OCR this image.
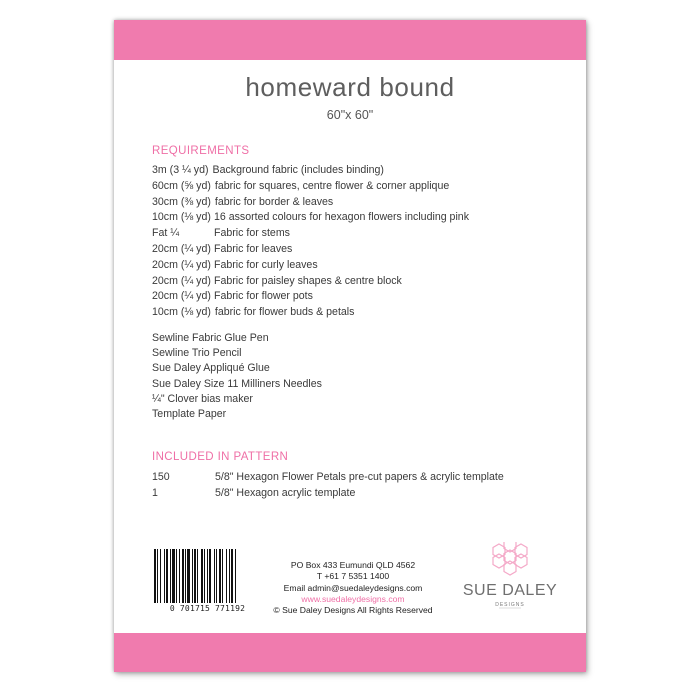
homeward bound
60"x 60"
REQUIREMENTS
3m (3 ¼ yd) Background fabric (includes binding)
60cm (⅝ yd) fabric for squares, centre flower & corner applique
30cm (⅜ yd) fabric for border & leaves
10cm (⅛ yd) 16 assorted colours for hexagon flowers including pink
Fat ¼	Fabric for stems
20cm (¼ yd) Fabric for leaves
20cm (¼ yd) Fabric for curly leaves
20cm (¼ yd) Fabric for paisley shapes & centre block
20cm (¼ yd) Fabric for flower pots
10cm (⅛ yd) fabric for flower buds & petals
Sewline Fabric Glue Pen
Sewline Trio Pencil
Sue Daley Appliqué Glue
Sue Daley Size 11 Milliners Needles
¼" Clover bias maker
Template Paper
INCLUDED IN PATTERN
150	5/8" Hexagon Flower Petals pre-cut papers & acrylic template
1	5/8" Hexagon acrylic template
0 701715 771192
PO Box 433 Eumundi QLD 4562
T +61 7 5351 1400
Email admin@suedaleydesigns.com
www.suedaleydesigns.com
© Sue Daley Designs All Rights Reserved
SUE DALEY
DESIGNS
